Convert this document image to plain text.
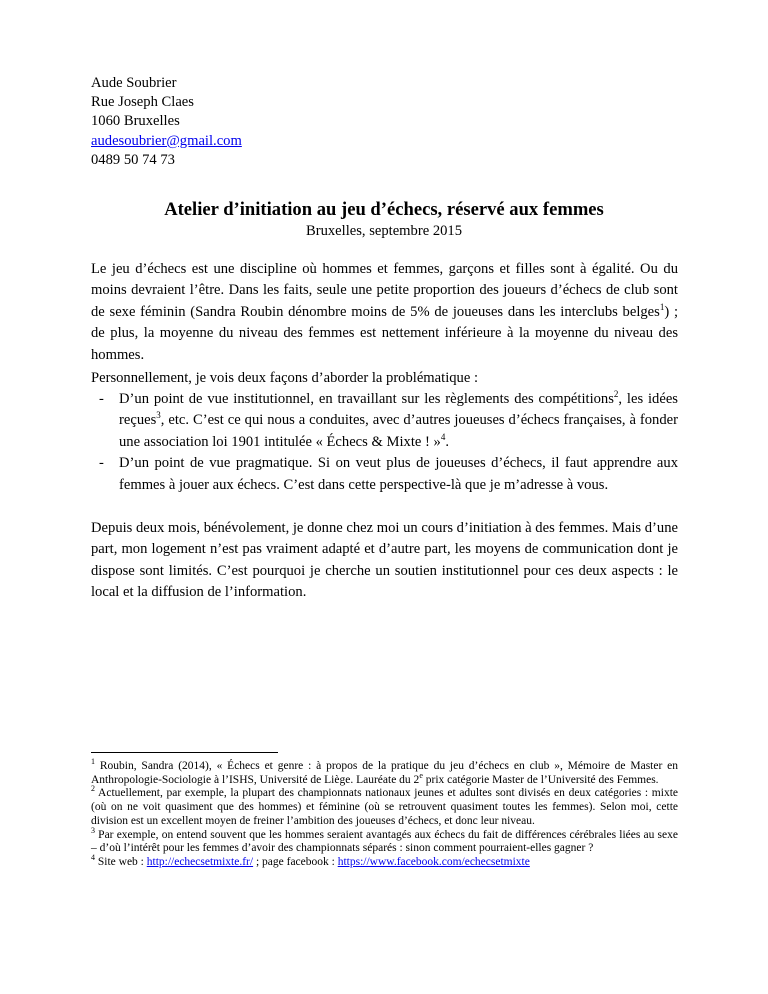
Aude Soubrier
Rue Joseph Claes
1060 Bruxelles
audesoubrier@gmail.com
0489 50 74 73
Atelier d’initiation au jeu d’échecs, réservé aux femmes
Bruxelles, septembre 2015
Le jeu d’échecs est une discipline où hommes et femmes, garçons et filles sont à égalité. Ou du moins devraient l’être. Dans les faits, seule une petite proportion des joueurs d’échecs de club sont de sexe féminin (Sandra Roubin dénombre moins de 5% de joueuses dans les interclubs belges$^1$) ; de plus, la moyenne du niveau des femmes est nettement inférieure à la moyenne du niveau des hommes.
Personnellement, je vois deux façons d’aborder la problématique :
- D’un point de vue institutionnel, en travaillant sur les règlements des compétitions$^2$, les idées reçues$^3$, etc. C’est ce qui nous a conduites, avec d’autres joueuses d’échecs françaises, à fonder une association loi 1901 intitulée « Échecs & Mixte ! »$^4$.
- D’un point de vue pragmatique. Si on veut plus de joueuses d’échecs, il faut apprendre aux femmes à jouer aux échecs. C’est dans cette perspective-là que je m’adresse à vous.
Depuis deux mois, bénévolement, je donne chez moi un cours d’initiation à des femmes. Mais d’une part, mon logement n’est pas vraiment adapté et d’autre part, les moyens de communication dont je dispose sont limités. C’est pourquoi je cherche un soutien institutionnel pour ces deux aspects : le local et la diffusion de l’information.
$^1$ Roubin, Sandra (2014), « Échecs et genre : à propos de la pratique du jeu d’échecs en club », Mémoire de Master en Anthropologie-Sociologie à l’ISHS, Université de Liège. Lauréate du 2e prix catégorie Master de l’Université des Femmes.
$^2$ Actuellement, par exemple, la plupart des championnats nationaux jeunes et adultes sont divisés en deux catégories : mixte (où on ne voit quasiment que des hommes) et féminine (où se retrouvent quasiment toutes les femmes). Selon moi, cette division est un excellent moyen de freiner l’ambition des joueuses d’échecs, et donc leur niveau.
$^3$ Par exemple, on entend souvent que les hommes seraient avantagés aux échecs du fait de différences cérébrales liées au sexe – d’où l’intérêt pour les femmes d’avoir des championnats séparés : sinon comment pourraient-elles gagner ?
$^4$ Site web : http://echecsetmixte.fr/ ; page facebook : https://www.facebook.com/echecsetmixte
